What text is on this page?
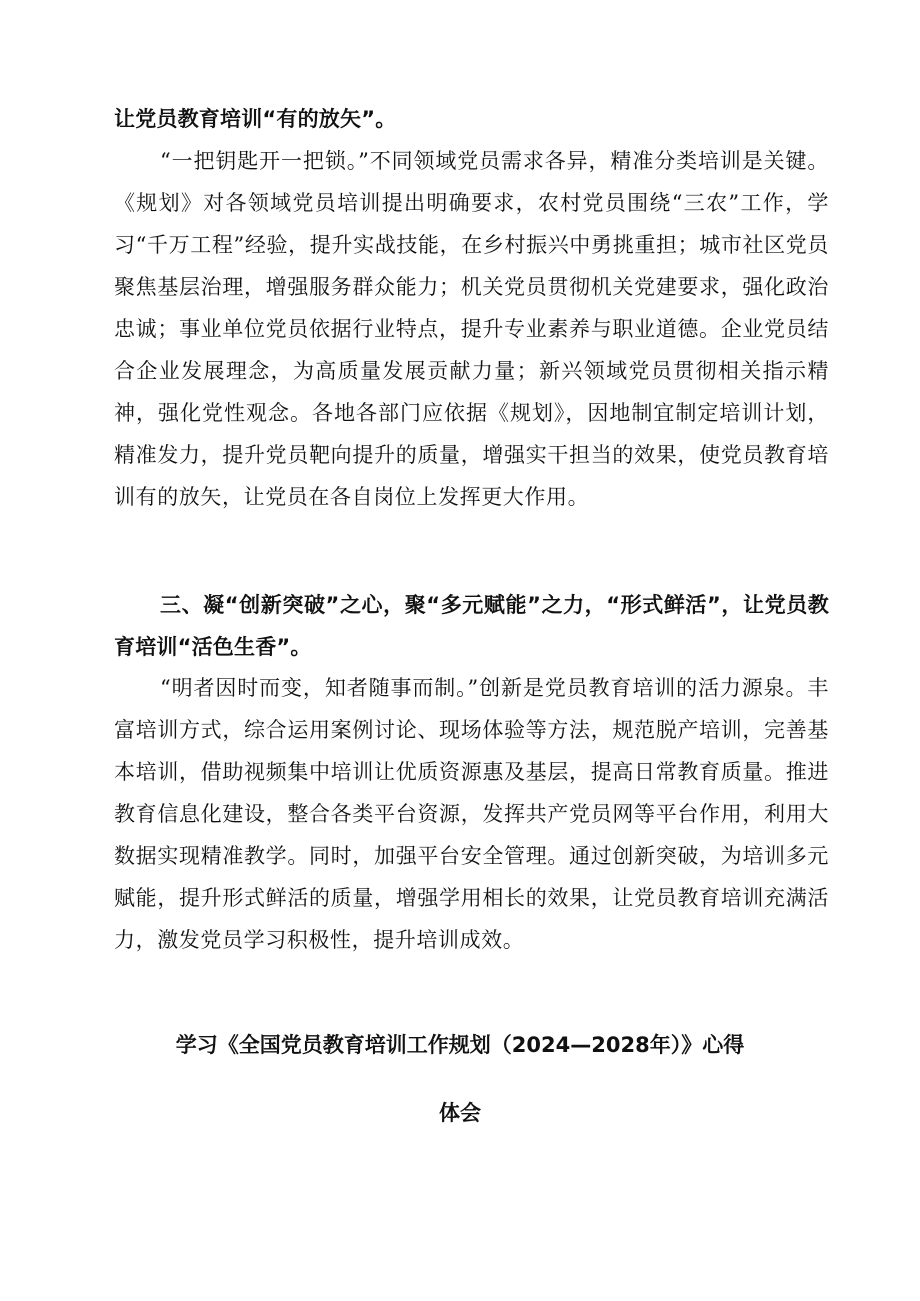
让党员教育培训“有的放矢”。

“一把钥匙开一把锁。”不同领域党员需求各异，精准分类培训是关键。《规划》对各领域党员培训提出明确要求，农村党员围绕“三农”工作，学习“千万工程”经验，提升实战技能，在乡村振兴中勇挑重担；城市社区党员聚焦基层治理，增强服务群众能力；机关党员贯彻机关党建要求，强化政治忠诚；事业单位党员依据行业特点，提升专业素养与职业道德。企业党员结合企业发展理念，为高质量发展贡献力量；新兴领域党员贯彻相关指示精神，强化党性观念。各地各部门应依据《规划》，因地制宜制定培训计划，精准发力，提升党员靶向提升的质量，增强实干担当的效果，使党员教育培训有的放矢，让党员在各自岗位上发挥更大作用。

三、凝“创新突破”之心，聚“多元赋能”之力，“形式鲜活”，让党员教育培训“活色生香”。

“明者因时而变，知者随事而制。”创新是党员教育培训的活力源泉。丰富培训方式，综合运用案例讨论、现场体验等方法，规范脱产培训，完善基本培训，借助视频集中培训让优质资源惠及基层，提高日常教育质量。推进教育信息化建设，整合各类平台资源，发挥共产党员网等平台作用，利用大数据实现精准教学。同时，加强平台安全管理。通过创新突破，为培训多元赋能，提升形式鲜活的质量，增强学用相长的效果，让党员教育培训充满活力，激发党员学习积极性，提升培训成效。

学习《全国党员教育培训工作规划（2024—2028年）》心得

体会
